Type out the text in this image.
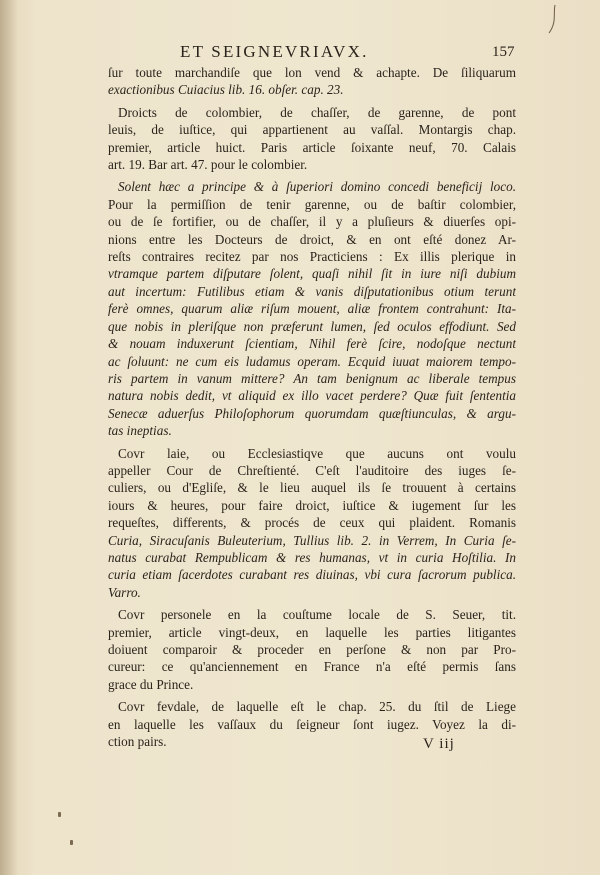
ET SEIGNEVRIAVX.	157
ſur toute marchandiſe que lon vend & achapte. De ſiliquarum
exactionibus Cuiacius lib. 16. obſer. cap. 23.
Droicts de colombier, de chaſſer, de garenne, de pont
leuis, de iuſtice, qui appartienent au vaſſal. Montargis chap.
premier, article huict. Paris article ſoixante neuf, 70. Calais
art. 19. Bar art. 47. pour le colombier.
Solent hæc a principe & à ſuperiori domino concedi beneficij loco.
Pour la permiſſion de tenir garenne, ou de baſtir colombier,
ou de ſe fortifier, ou de chaſſer, il y a pluſieurs & diuerſes opi-
nions entre les Docteurs de droict, & en ont eſté donez Ar-
reſts contraires recitez par nos Practiciens : Ex illis plerique in
vtramque partem diſputare ſolent, quaſi nihil ſit in iure niſi dubium
aut incertum: Futilibus etiam & vanis diſputationibus otium terunt
ferè omnes, quarum aliæ riſum mouent, aliæ frontem contrahunt: Ita-
que nobis in pleriſque non præferunt lumen, ſed oculos effodiunt. Sed
& nouam induxerunt ſcientiam, Nihil ferè ſcire, nodoſque nectunt
ac ſoluunt: ne cum eis ludamus operam. Ecquid iuuat maiorem tempo-
ris partem in vanum mittere? An tam benignum ac liberale tempus
natura nobis dedit, vt aliquid ex illo vacet perdere? Quæ fuit ſententia
Senecæ aduerſus Philoſophorum quorumdam quæſtiunculas, & argu-
tas ineptias.
Covr laie, ou Ecclesiastiqve que aucuns ont voulu
appeller Cour de Chreſtienté. C'eſt l'auditoire des iuges ſe-
culiers, ou d'Egliſe, & le lieu auquel ils ſe trouuent à certains
iours & heures, pour faire droict, iuſtice & iugement ſur les
requeſtes, differents, & procés de ceux qui plaident. Romanis
Curia, Siracuſanis Buleuterium, Tullius lib. 2. in Verrem, In Curia ſe-
natus curabat Rempublicam & res humanas, vt in curia Hoſtilia. In
curia etiam ſacerdotes curabant res diuinas, vbi cura ſacrorum publica.
Varro.
Covr personele en la couſtume locale de S. Seuer, tit.
premier, article vingt-deux, en laquelle les parties litigantes
doiuent comparoir & proceder en perſone & non par Pro-
cureur: ce qu'anciennement en France n'a eſté permis ſans
grace du Prince.
Covr fevdale, de laquelle eſt le chap. 25. du ſtil de Liege
en laquelle les vaſſaux du ſeigneur ſont iugez. Voyez la di-
ction pairs.	V iij
